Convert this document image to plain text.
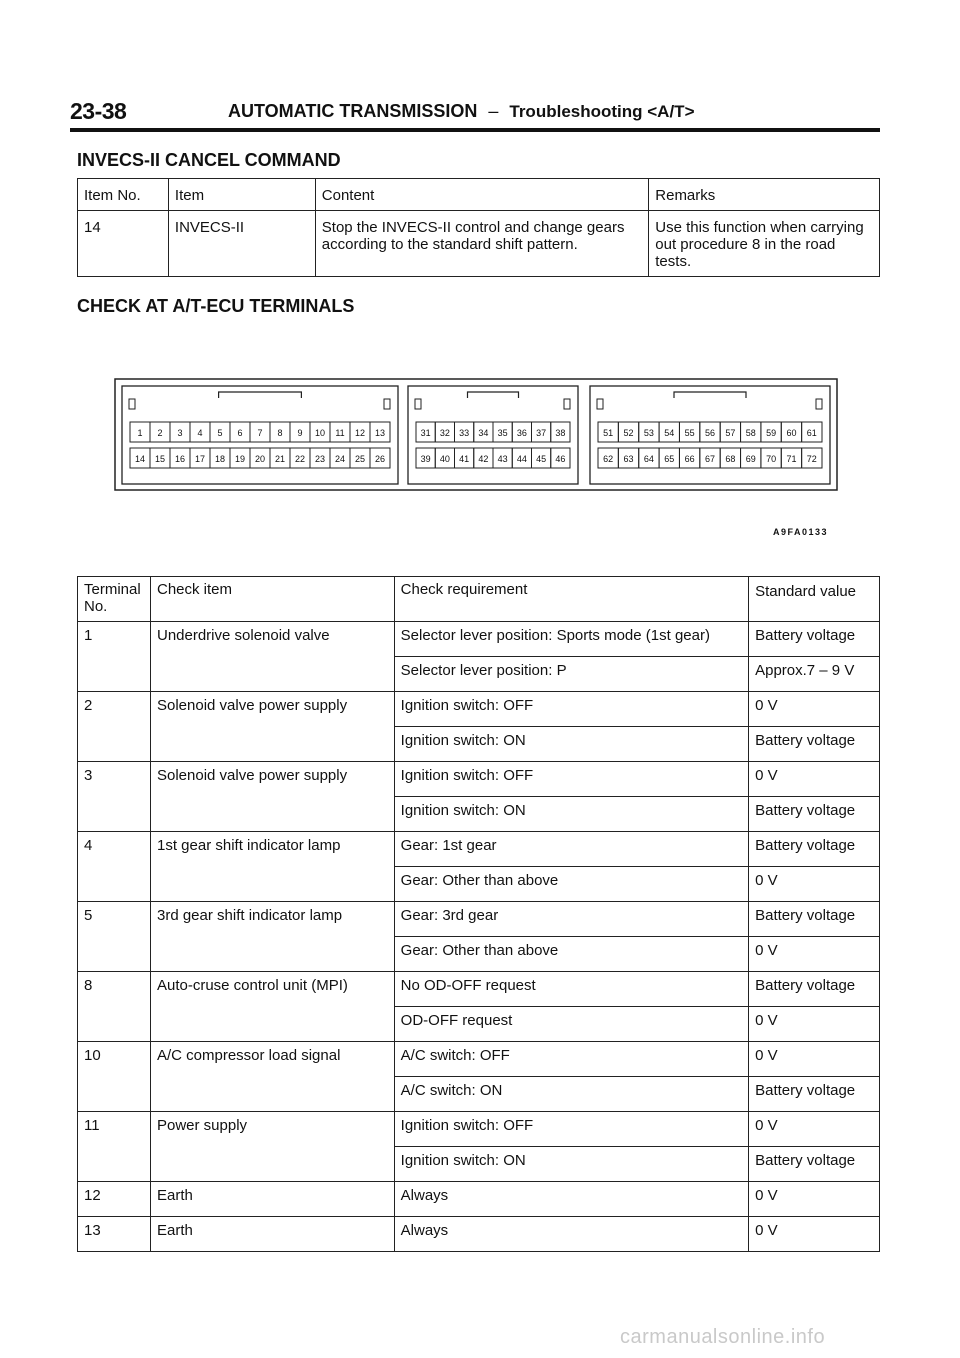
23-38	AUTOMATIC TRANSMISSION – Troubleshooting <A/T>
INVECS-II CANCEL COMMAND
Item No.	Item	Content	Remarks
14	INVECS-II	Stop the INVECS-II control and change gears according to the standard shift pattern.	Use this function when carrying out procedure 8 in the road tests.
CHECK AT A/T-ECU TERMINALS
1 2 3 4 5 6 7 8 9 10 11 12 13
14 15 16 17 18 19 20 21 22 23 24 25 26
31 32 33 34 35 36 37 38
39 40 41 42 43 44 45 46
51 52 53 54 55 56 57 58 59 60 61
62 63 64 65 66 67 68 69 70 71 72
A9FA0133
Terminal
No.	Check item	Check requirement	Standard value
1	Underdrive solenoid valve	Selector lever position: Sports mode (1st gear)	Battery voltage
		Selector lever position: P	Approx.7 – 9 V
2	Solenoid valve power supply	Ignition switch: OFF	0 V
		Ignition switch: ON	Battery voltage
3	Solenoid valve power supply	Ignition switch: OFF	0 V
		Ignition switch: ON	Battery voltage
4	1st gear shift indicator lamp	Gear: 1st gear	Battery voltage
		Gear: Other than above	0 V
5	3rd gear shift indicator lamp	Gear: 3rd gear	Battery voltage
		Gear: Other than above	0 V
8	Auto-cruse control unit (MPI)	No OD-OFF request	Battery voltage
		OD-OFF request	0 V
10	A/C compressor load signal	A/C switch: OFF	0 V
		A/C switch: ON	Battery voltage
11	Power supply	Ignition switch: OFF	0 V
		Ignition switch: ON	Battery voltage
12	Earth	Always	0 V
13	Earth	Always	0 V
carmanualsonline.info
